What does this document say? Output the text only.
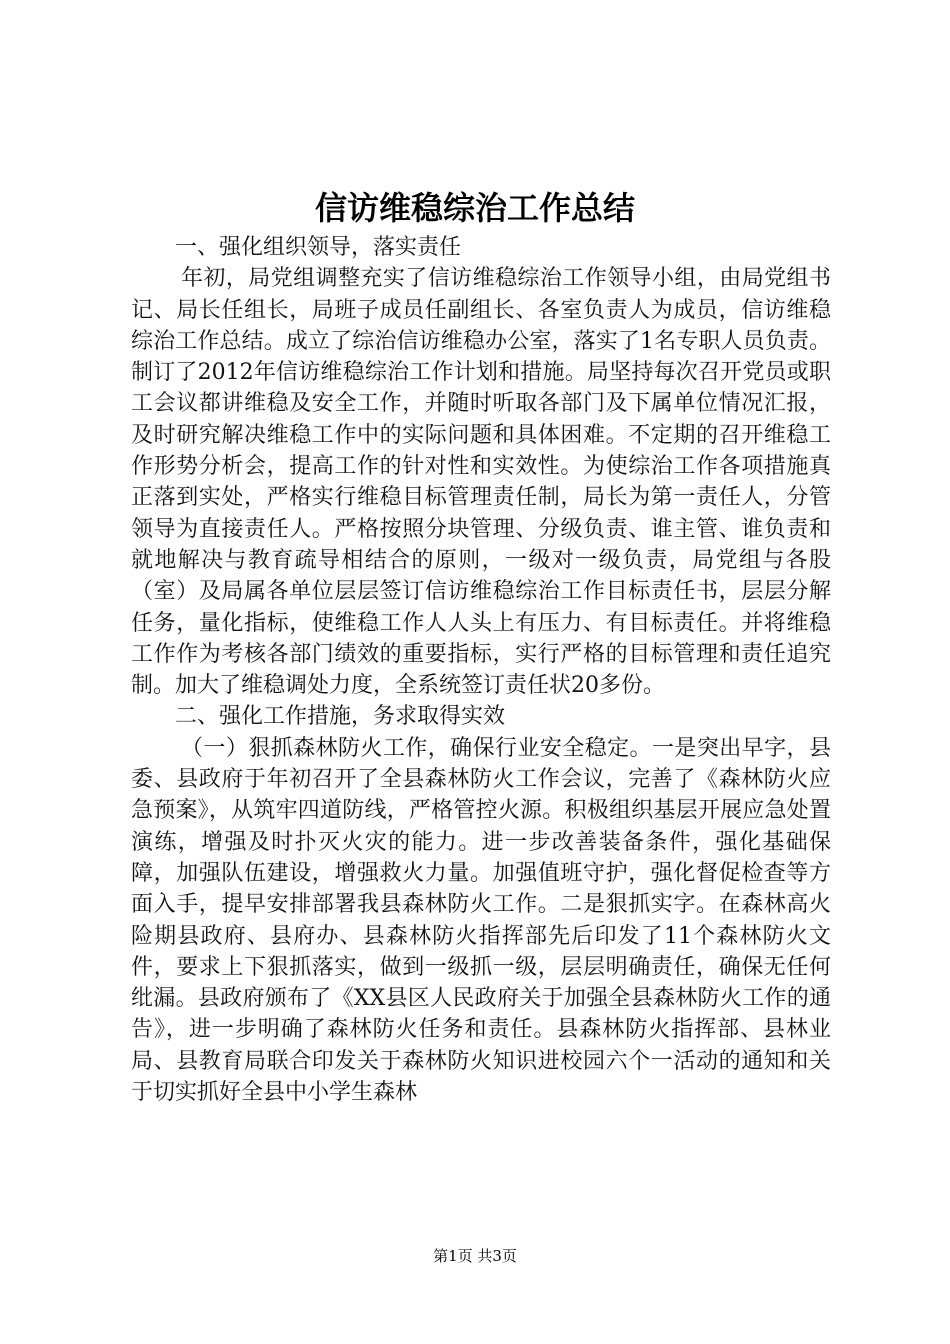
信访维稳综治工作总结

一、强化组织领导，落实责任

年初，局党组调整充实了信访维稳综治工作领导小组，由局党组书记、局长任组长，局班子成员任副组长、各室负责人为成员，信访维稳综治工作总结。成立了综治信访维稳办公室，落实了1名专职人员负责。制订了2012年信访维稳综治工作计划和措施。局坚持每次召开党员或职工会议都讲维稳及安全工作，并随时听取各部门及下属单位情况汇报，及时研究解决维稳工作中的实际问题和具体困难。不定期的召开维稳工作形势分析会，提高工作的针对性和实效性。为使综治工作各项措施真正落到实处，严格实行维稳目标管理责任制，局长为第一责任人，分管领导为直接责任人。严格按照分块管理、分级负责、谁主管、谁负责和就地解决与教育疏导相结合的原则，一级对一级负责，局党组与各股（室）及局属各单位层层签订信访维稳综治工作目标责任书，层层分解任务，量化指标，使维稳工作人人头上有压力、有目标责任。并将维稳工作作为考核各部门绩效的重要指标，实行严格的目标管理和责任追究制。加大了维稳调处力度，全系统签订责任状20多份。

二、强化工作措施，务求取得实效

（一）狠抓森林防火工作，确保行业安全稳定。一是突出早字，县委、县政府于年初召开了全县森林防火工作会议，完善了《森林防火应急预案》，从筑牢四道防线，严格管控火源。积极组织基层开展应急处置演练，增强及时扑灭火灾的能力。进一步改善装备条件，强化基础保障，加强队伍建设，增强救火力量。加强值班守护，强化督促检查等方面入手，提早安排部署我县森林防火工作。二是狠抓实字。在森林高火险期县政府、县府办、县森林防火指挥部先后印发了11个森林防火文件，要求上下狠抓落实，做到一级抓一级，层层明确责任，确保无任何纰漏。县政府颁布了《XX县区人民政府关于加强全县森林防火工作的通告》，进一步明确了森林防火任务和责任。县森林防火指挥部、县林业局、县教育局联合印发关于森林防火知识进校园六个一活动的通知和关于切实抓好全县中小学生森林

第1页 共3页
